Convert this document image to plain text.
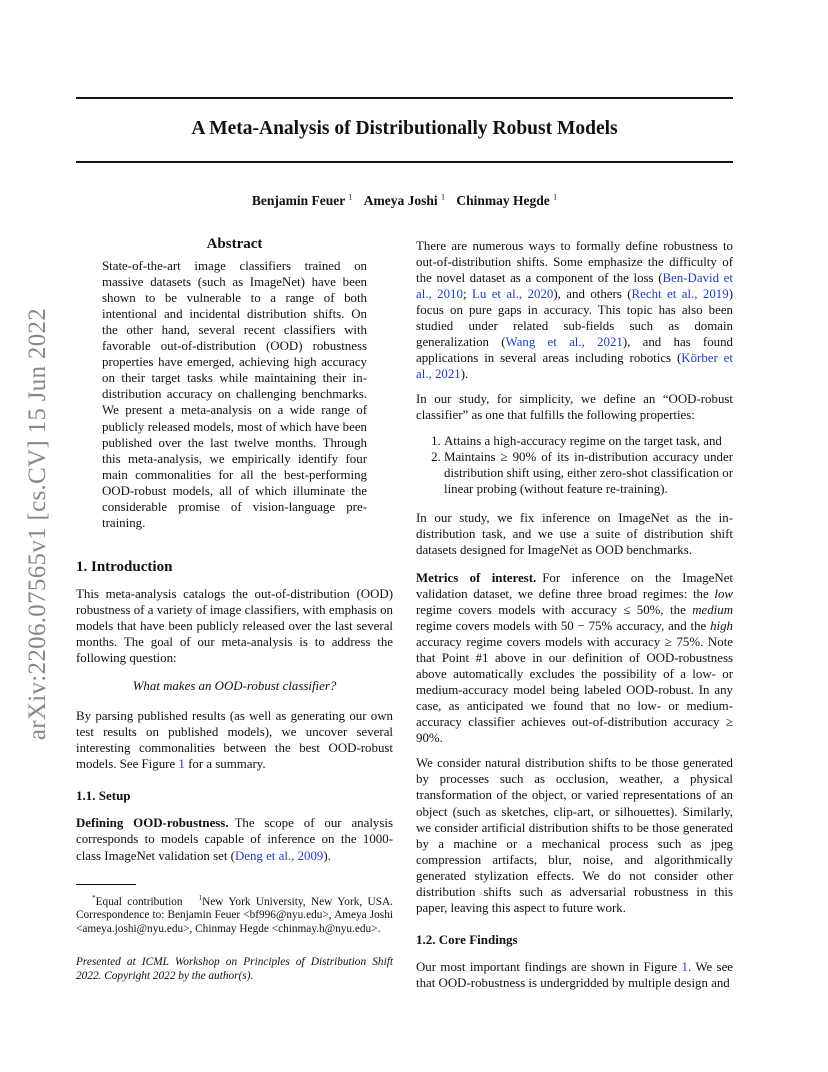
A Meta-Analysis of Distributionally Robust Models
Benjamin Feuer $^1$ Ameya Joshi $^1$ Chinmay Hegde $^1$
arXiv:2206.07565v1 [cs.CV] 15 Jun 2022
Abstract

State-of-the-art image classifiers trained on massive datasets (such as ImageNet) have been shown to be vulnerable to a range of both intentional and incidental distribution shifts. On the other hand, several recent classifiers with favorable out-of-distribution (OOD) robustness properties have emerged, achieving high accuracy on their target tasks while maintaining their in-distribution accuracy on challenging benchmarks. We present a meta-analysis on a wide range of publicly released models, most of which have been published over the last twelve months. Through this meta-analysis, we empirically identify four main commonalities for all the best-performing OOD-robust models, all of which illuminate the considerable promise of vision-language pre-training.

1. Introduction

This meta-analysis catalogs the out-of-distribution (OOD) robustness of a variety of image classifiers, with emphasis on models that have been publicly released over the last several months. The goal of our meta-analysis is to address the following question:

What makes an OOD-robust classifier?

By parsing published results (as well as generating our own test results on published models), we uncover several interesting commonalities between the best OOD-robust models. See Figure 1 for a summary.

1.1. Setup

Defining OOD-robustness. The scope of our analysis corresponds to models capable of inference on the 1000-class ImageNet validation set (Deng et al., 2009).

*Equal contribution $^1$New York University, New York, USA. Correspondence to: Benjamin Feuer <bf996@nyu.edu>, Ameya Joshi <ameya.joshi@nyu.edu>, Chinmay Hegde <chinmay.h@nyu.edu>.

Presented at ICML Workshop on Principles of Distribution Shift 2022. Copyright 2022 by the author(s).

There are numerous ways to formally define robustness to out-of-distribution shifts. Some emphasize the difficulty of the novel dataset as a component of the loss (Ben-David et al., 2010; Lu et al., 2020), and others (Recht et al., 2019) focus on pure gaps in accuracy. This topic has also been studied under related sub-fields such as domain generalization (Wang et al., 2021), and has found applications in several areas including robotics (Körber et al., 2021).

In our study, for simplicity, we define an “OOD-robust classifier” as one that fulfills the following properties:

1. Attains a high-accuracy regime on the target task, and
2. Maintains ≥ 90% of its in-distribution accuracy under distribution shift using, either zero-shot classification or linear probing (without feature re-training).

In our study, we fix inference on ImageNet as the in-distribution task, and we use a suite of distribution shift datasets designed for ImageNet as OOD benchmarks.

Metrics of interest. For inference on the ImageNet validation dataset, we define three broad regimes: the low regime covers models with accuracy ≤ 50%, the medium regime covers models with 50 − 75% accuracy, and the high accuracy regime covers models with accuracy ≥ 75%. Note that Point #1 above in our definition of OOD-robustness above automatically excludes the possibility of a low- or medium-accuracy model being labeled OOD-robust. In any case, as anticipated we found that no low- or medium-accuracy classifier achieves out-of-distribution accuracy ≥ 90%.

We consider natural distribution shifts to be those generated by processes such as occlusion, weather, a physical transformation of the object, or varied representations of an object (such as sketches, clip-art, or silhouettes). Similarly, we consider artificial distribution shifts to be those generated by a machine or a mechanical process such as jpeg compression artifacts, blur, noise, and algorithmically generated stylization effects. We do not consider other distribution shifts such as adversarial robustness in this paper, leaving this aspect to future work.

1.2. Core Findings

Our most important findings are shown in Figure 1. We see that OOD-robustness is undergridded by multiple design and
